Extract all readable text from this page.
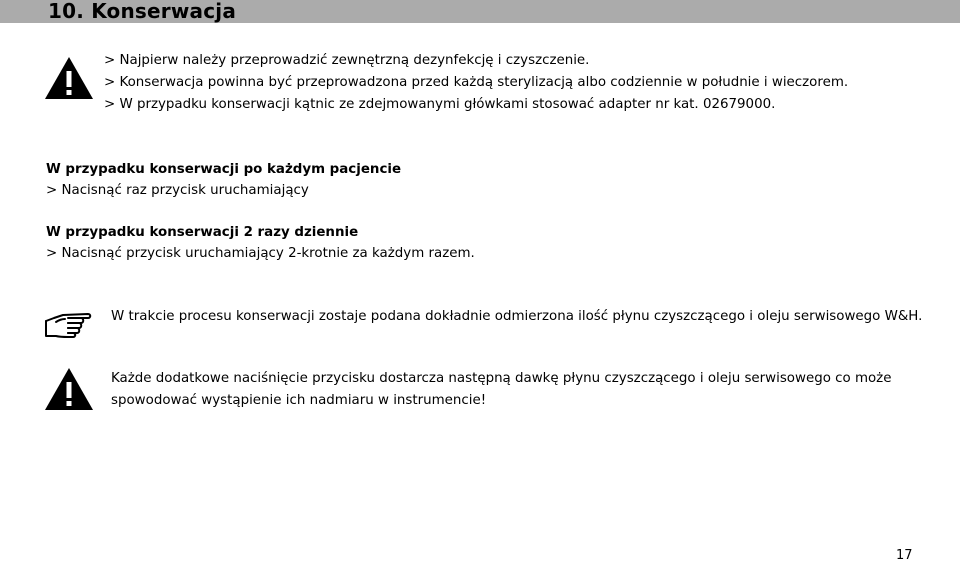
10. Konserwacja
> Najpierw należy przeprowadzić zewnętrzną dezynfekcję i czyszczenie.
> Konserwacja powinna być przeprowadzona przed każdą sterylizacją albo codziennie w południe i wieczorem.
> W przypadku konserwacji kątnic ze zdejmowanymi główkami stosować adapter nr kat. 02679000.
W przypadku konserwacji po każdym pacjencie
> Nacisnąć raz przycisk uruchamiający
W przypadku konserwacji 2 razy dziennie
> Nacisnąć przycisk uruchamiający 2-krotnie za każdym razem.
W trakcie procesu konserwacji zostaje podana dokładnie odmierzona ilość płynu czyszczącego i oleju serwisowego W&H.
Każde dodatkowe naciśnięcie przycisku dostarcza następną dawkę płynu czyszczącego i oleju serwisowego co może
spowodować wystąpienie ich nadmiaru w instrumencie!
17
